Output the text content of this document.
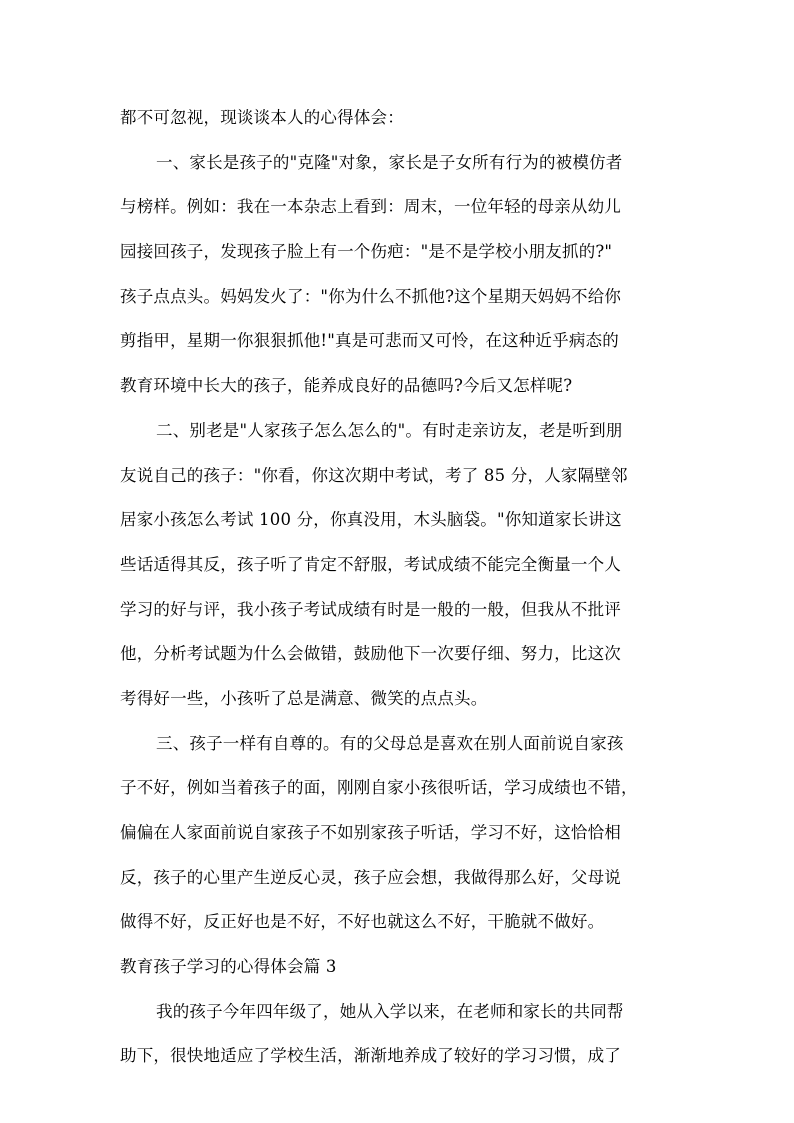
都不可忽视，现谈谈本人的心得体会：
一、家长是孩子的"克隆"对象，家长是子女所有行为的被模仿者
与榜样。例如：我在一本杂志上看到：周末，一位年轻的母亲从幼儿
园接回孩子，发现孩子脸上有一个伤疤："是不是学校小朋友抓的?"
孩子点点头。妈妈发火了："你为什么不抓他?这个星期天妈妈不给你
剪指甲，星期一你狠狠抓他!"真是可悲而又可怜，在这种近乎病态的
教育环境中长大的孩子，能养成良好的品德吗?今后又怎样呢?
二、别老是"人家孩子怎么怎么的"。有时走亲访友，老是听到朋
友说自己的孩子："你看，你这次期中考试，考了 85 分，人家隔壁邻
居家小孩怎么考试 100 分，你真没用，木头脑袋。"你知道家长讲这
些话适得其反，孩子听了肯定不舒服，考试成绩不能完全衡量一个人
学习的好与评，我小孩子考试成绩有时是一般的一般，但我从不批评
他，分析考试题为什么会做错，鼓励他下一次要仔细、努力，比这次
考得好一些，小孩听了总是满意、微笑的点点头。
三、孩子一样有自尊的。有的父母总是喜欢在别人面前说自家孩
子不好，例如当着孩子的面，刚刚自家小孩很听话，学习成绩也不错，
偏偏在人家面前说自家孩子不如别家孩子听话，学习不好，这恰恰相
反，孩子的心里产生逆反心灵，孩子应会想，我做得那么好，父母说
做得不好，反正好也是不好，不好也就这么不好，干脆就不做好。
教育孩子学习的心得体会篇 3
我的孩子今年四年级了，她从入学以来，在老师和家长的共同帮
助下，很快地适应了学校生活，渐渐地养成了较好的学习习惯，成了
